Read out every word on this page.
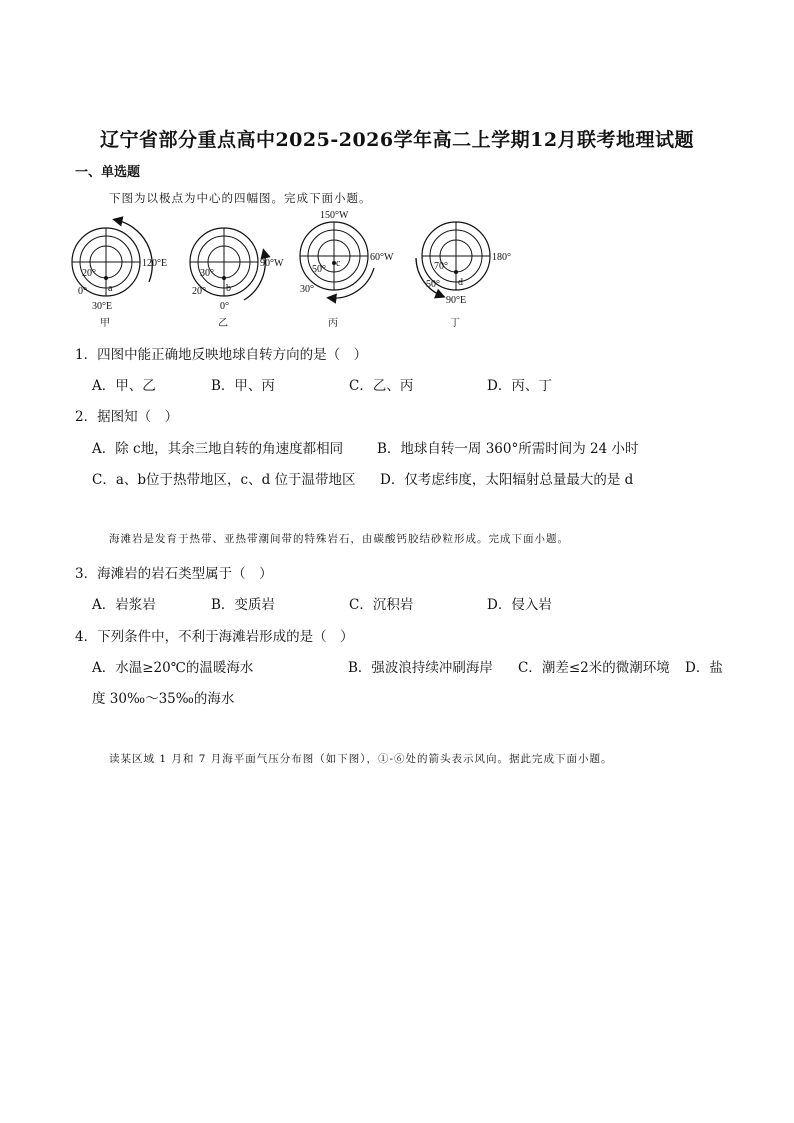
辽宁省部分重点高中2025-2026学年高二上学期12月联考地理试题
一、单选题
下图为以极点为中心的四幅图。完成下面小题。
20°
0° a
30°E
120°E
甲
30°
20° b
0°
90°W
乙
150°W
50°
30°
c
60°W
丙
70°
50° d
90°E
180°
丁
1．四图中能正确地反映地球自转方向的是（　）
A．甲、乙	B．甲、丙	C．乙、丙	D．丙、丁
2．据图知（　）
A．除 c地，其余三地自转的角速度都相同	B．地球自转一周 360°所需时间为 24 小时
C．a、b位于热带地区，c、d 位于温带地区 D．仅考虑纬度，太阳辐射总量最大的是 d
海滩岩是发育于热带、亚热带潮间带的特殊岩石，由碳酸钙胶结砂粒形成。完成下面小题。
3．海滩岩的岩石类型属于（　）
A．岩浆岩	B．变质岩	C．沉积岩	D．侵入岩
4．下列条件中，不利于海滩岩形成的是（　）
A．水温≥20℃的温暖海水	B．强波浪持续冲刷海岸 C．潮差≤2米的微潮环境 D．盐
度 30‰～35‰的海水
读某区域 1 月和 7 月海平面气压分布图（如下图），①-⑥处的箭头表示风向。据此完成下面小题。
